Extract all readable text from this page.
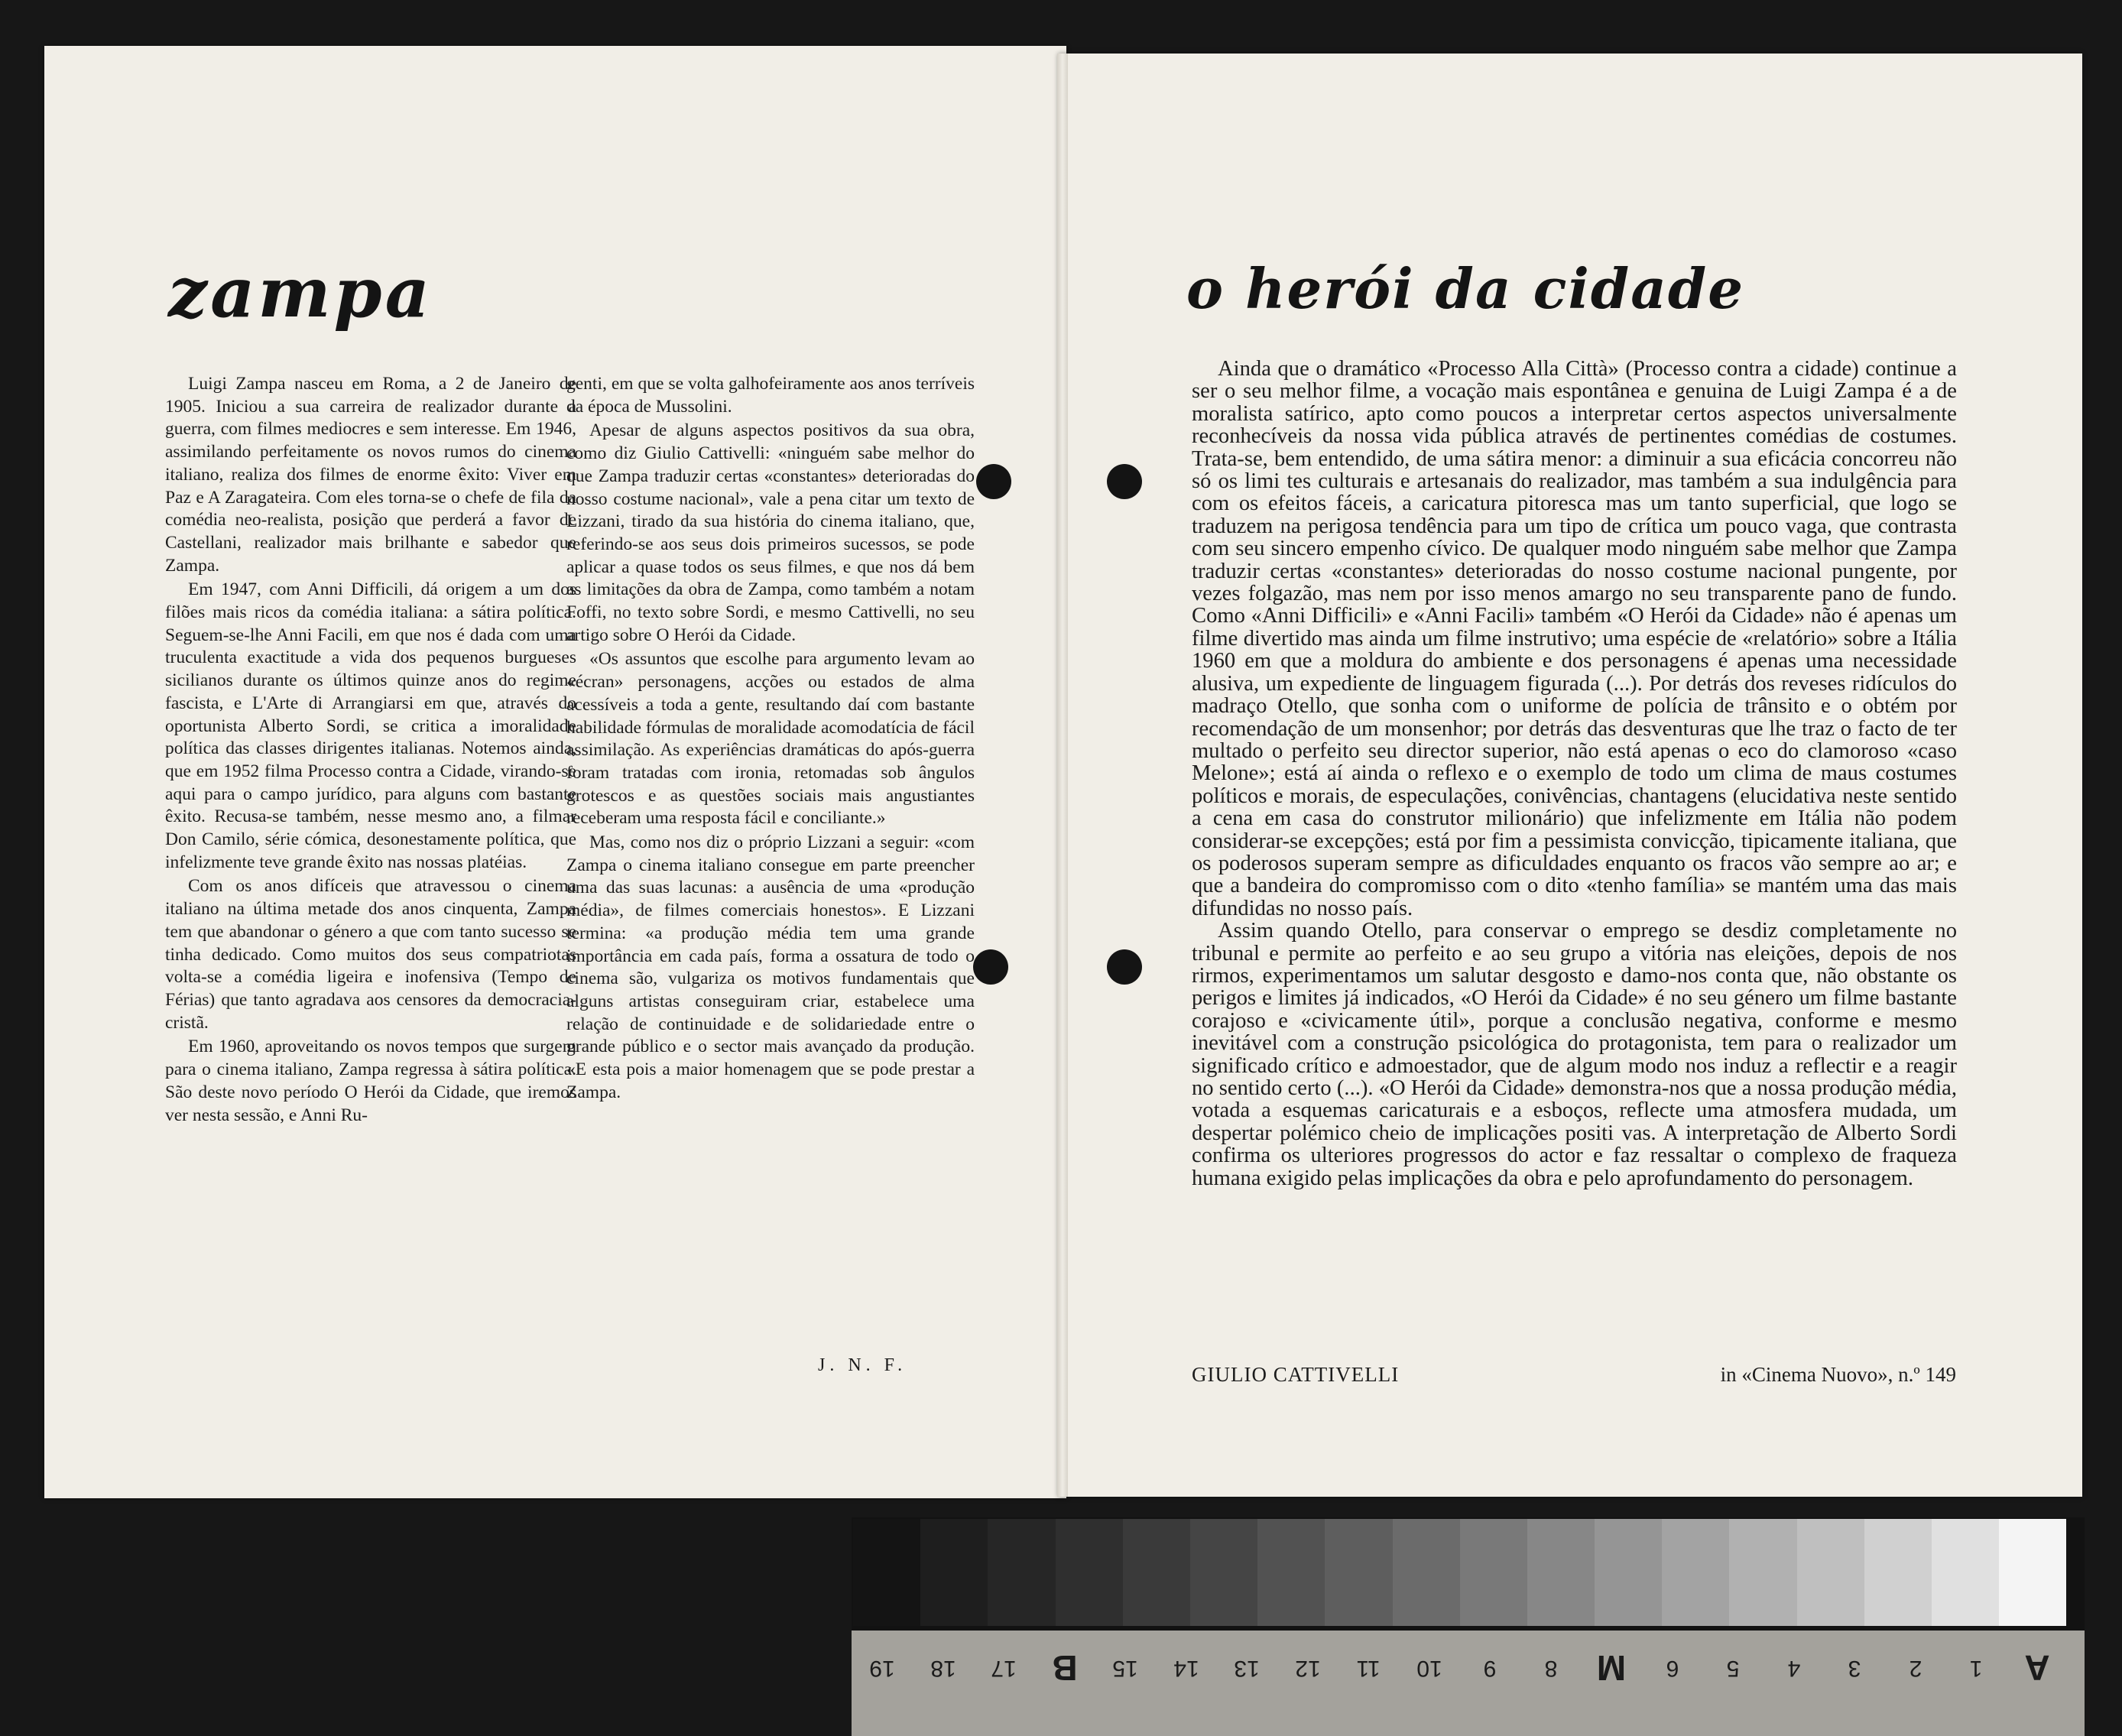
zampa

Luigi Zampa nasceu em Roma, a 2 de Janeiro de 1905. Iniciou a sua carreira de realizador durante a guerra, com filmes mediocres e sem interesse. Em 1946, assimilando perfeitamente os novos rumos do cinema italiano, realiza dos filmes de enorme êxito: Viver em Paz e A Zaragateira. Com eles torna-se o chefe de fila da comédia neo-realista, posição que perderá a favor de Castellani, realizador mais brilhante e sabedor que Zampa.

Em 1947, com Anni Difficili, dá origem a um dos filões mais ricos da comédia italiana: a sátira política. Seguem-se-lhe Anni Facili, em que nos é dada com uma truculenta exactitude a vida dos pequenos burgueses sicilianos durante os últimos quinze anos do regime fascista, e L'Arte di Arrangiarsi em que, através do oportunista Alberto Sordi, se critica a imoralidade política das classes dirigentes italianas. Notemos ainda, que em 1952 filma Processo contra a Cidade, virando-se aqui para o campo jurídico, para alguns com bastante êxito. Recusa-se também, nesse mesmo ano, a filmar Don Camilo, série cómica, desonestamente política, que infelizmente teve grande êxito nas nossas platéias.

Com os anos difíceis que atravessou o cinema italiano na última metade dos anos cinquenta, Zampa tem que abandonar o género a que com tanto sucesso se tinha dedicado. Como muitos dos seus compatriotas volta-se a comédia ligeira e inofensiva (Tempo de Férias) que tanto agradava aos censores da democracia-cristã.

Em 1960, aproveitando os novos tempos que surgem para o cinema italiano, Zampa regressa à sátira política. São deste novo período O Herói da Cidade, que iremos ver nesta sessão, e Anni Ru-

genti, em que se volta galhofeiramente aos anos terríveis da época de Mussolini.

Apesar de alguns aspectos positivos da sua obra, como diz Giulio Cattivelli: «ninguém sabe melhor do que Zampa traduzir certas «constantes» deterioradas do nosso costume nacional», vale a pena citar um texto de Lizzani, tirado da sua história do cinema italiano, que, referindo-se aos seus dois primeiros sucessos, se pode aplicar a quase todos os seus filmes, e que nos dá bem as limitações da obra de Zampa, como também a notam Foffi, no texto sobre Sordi, e mesmo Cattivelli, no seu artigo sobre O Herói da Cidade.

«Os assuntos que escolhe para argumento levam ao «écran» personagens, acções ou estados de alma acessíveis a toda a gente, resultando daí com bastante habilidade fórmulas de moralidade acomodatícia de fácil assimilação. As experiências dramáticas do após-guerra foram tratadas com ironia, retomadas sob ângulos grotescos e as questões sociais mais angustiantes receberam uma resposta fácil e conciliante.»

Mas, como nos diz o próprio Lizzani a seguir: «com Zampa o cinema italiano consegue em parte preencher uma das suas lacunas: a ausência de uma «produção média», de filmes comerciais honestos». E Lizzani termina: «a produção média tem uma grande importância em cada país, forma a ossatura de todo o cinema são, vulgariza os motivos fundamentais que alguns artistas conseguiram criar, estabelece uma relação de continuidade e de solidariedade entre o grande público e o sector mais avançado da produção. «E esta pois a maior homenagem que se pode prestar a Zampa.

J. N. F.
o herói da cidade

Ainda que o dramático «Processo Alla Città» (Processo contra a cidade) continue a ser o seu melhor filme, a vocação mais espontânea e genuina de Luigi Zampa é a de moralista satírico, apto como poucos a interpretar certos aspectos universalmente reconhecíveis da nossa vida pública através de pertinentes comédias de costumes. Trata-se, bem entendido, de uma sátira menor: a diminuir a sua eficácia concorreu não só os limi tes culturais e artesanais do realizador, mas também a sua indulgência para com os efeitos fáceis, a caricatura pitoresca mas um tanto superficial, que logo se traduzem na perigosa tendência para um tipo de crítica um pouco vaga, que contrasta com seu sincero empenho cívico. De qualquer modo ninguém sabe melhor que Zampa traduzir certas «constantes» deterioradas do nosso costume nacional pungente, por vezes folgazão, mas nem por isso menos amargo no seu transparente pano de fundo. Como «Anni Difficili» e «Anni Facili» também «O Herói da Cidade» não é apenas um filme divertido mas ainda um filme instrutivo; uma espécie de «relatório» sobre a Itália 1960 em que a moldura do ambiente e dos personagens é apenas uma necessidade alusiva, um expediente de linguagem figurada (...). Por detrás dos reveses ridículos do madraço Otello, que sonha com o uniforme de polícia de trânsito e o obtém por recomendação de um monsenhor; por detrás das desventuras que lhe traz o facto de ter multado o perfeito seu director superior, não está apenas o eco do clamoroso «caso Melone»; está aí ainda o reflexo e o exemplo de todo um clima de maus costumes políticos e morais, de especulações, conivências, chantagens (elucidativa neste sentido a cena em casa do construtor milionário) que infelizmente em Itália não podem considerar-se excepções; está por fim a pessimista convicção, tipicamente italiana, que os poderosos superam sempre as dificuldades enquanto os fracos vão sempre ao ar; e que a bandeira do compromisso com o dito «tenho família» se mantém uma das mais difundidas no nosso país.

Assim quando Otello, para conservar o emprego se desdiz completamente no tribunal e permite ao perfeito e ao seu grupo a vitória nas eleições, depois de nos rirmos, experimentamos um salutar desgosto e damo-nos conta que, não obstante os perigos e limites já indicados, «O Herói da Cidade» é no seu género um filme bastante corajoso e «civicamente útil», porque a conclusão negativa, conforme e mesmo inevitável com a construção psicológica do protagonista, tem para o realizador um significado crítico e admoestador, que de algum modo nos induz a reflectir e a reagir no sentido certo (...). «O Herói da Cidade» demonstra-nos que a nossa produção média, votada a esquemas caricaturais e a esboços, reflecte uma atmosfera mudada, um despertar polémico cheio de implicações positi vas. A interpretação de Alberto Sordi confirma os ulteriores progressos do actor e faz ressaltar o complexo de fraqueza humana exigido pelas implicações da obra e pelo aprofundamento do personagem.

GIULIO CATTIVELLI	in «Cinema Nuovo», n.º 149
19	18	17 B	15	14	13	12	11	10	9	8	M	6	5	4	3	2	1	A
